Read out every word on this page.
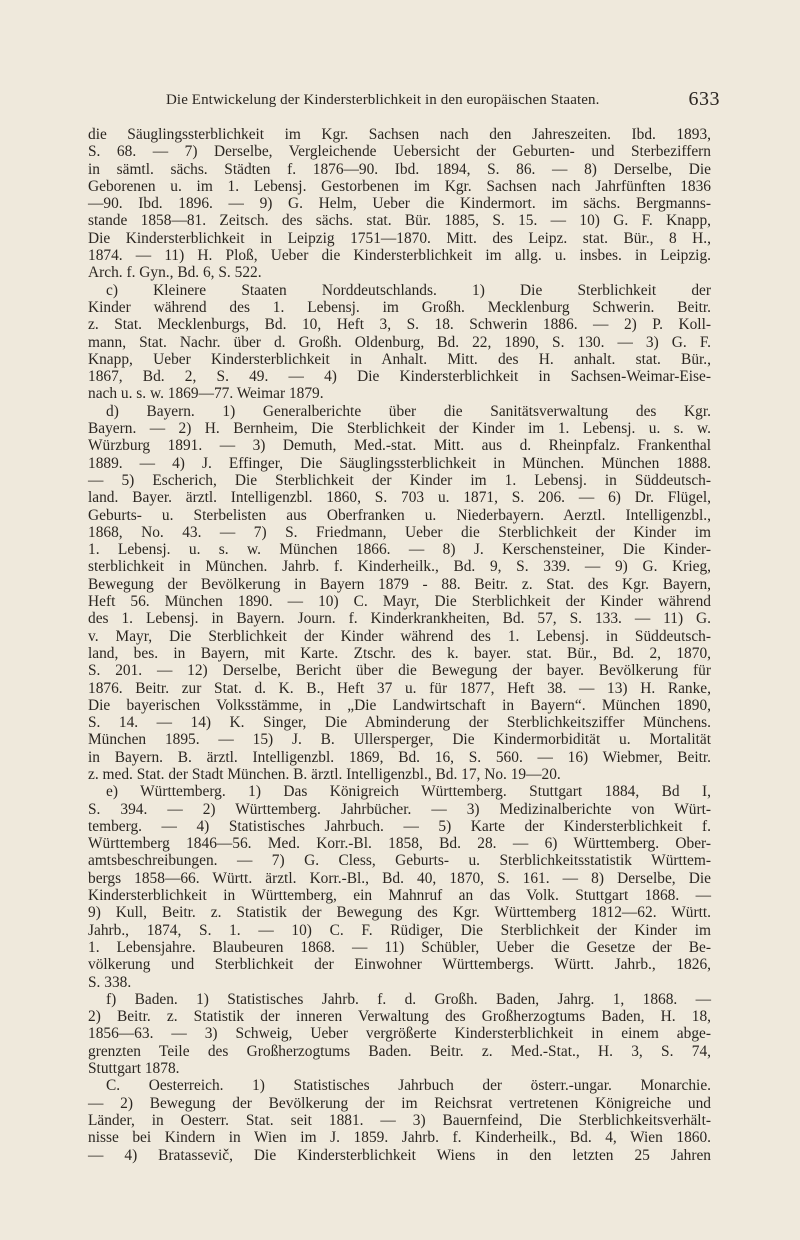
Die Entwickelung der Kindersterblichkeit in den europäischen Staaten.	633
die Säuglingssterblichkeit im Kgr. Sachsen nach den Jahreszeiten. Ibd. 1893,
S. 68. — 7) Derselbe, Vergleichende Uebersicht der Geburten- und Sterbeziffern
in sämtl. sächs. Städten f. 1876—90. Ibd. 1894, S. 86. — 8) Derselbe, Die
Geborenen u. im 1. Lebensj. Gestorbenen im Kgr. Sachsen nach Jahrfünften 1836
—90. Ibd. 1896. — 9) G. Helm, Ueber die Kindermort. im sächs. Bergmanns-
stande 1858—81. Zeitsch. des sächs. stat. Bür. 1885, S. 15. — 10) G. F. Knapp,
Die Kindersterblichkeit in Leipzig 1751—1870. Mitt. des Leipz. stat. Bür., 8 H.,
1874. — 11) H. Ploß, Ueber die Kindersterblichkeit im allg. u. insbes. in Leipzig.
Arch. f. Gyn., Bd. 6, S. 522.
c) Kleinere Staaten Norddeutschlands. 1) Die Sterblichkeit der
Kinder während des 1. Lebensj. im Großh. Mecklenburg Schwerin. Beitr.
z. Stat. Mecklenburgs, Bd. 10, Heft 3, S. 18. Schwerin 1886. — 2) P. Koll-
mann, Stat. Nachr. über d. Großh. Oldenburg, Bd. 22, 1890, S. 130. — 3) G. F.
Knapp, Ueber Kindersterblichkeit in Anhalt. Mitt. des H. anhalt. stat. Bür.,
1867, Bd. 2, S. 49. — 4) Die Kindersterblichkeit in Sachsen-Weimar-Eise-
nach u. s. w. 1869—77. Weimar 1879.
d) Bayern. 1) Generalberichte über die Sanitätsverwaltung des Kgr.
Bayern. — 2) H. Bernheim, Die Sterblichkeit der Kinder im 1. Lebensj. u. s. w.
Würzburg 1891. — 3) Demuth, Med.-stat. Mitt. aus d. Rheinpfalz. Frankenthal
1889. — 4) J. Effinger, Die Säuglingssterblichkeit in München. München 1888.
— 5) Escherich, Die Sterblichkeit der Kinder im 1. Lebensj. in Süddeutsch-
land. Bayer. ärztl. Intelligenzbl. 1860, S. 703 u. 1871, S. 206. — 6) Dr. Flügel,
Geburts- u. Sterbelisten aus Oberfranken u. Niederbayern. Aerztl. Intelligenzbl.,
1868, No. 43. — 7) S. Friedmann, Ueber die Sterblichkeit der Kinder im
1. Lebensj. u. s. w. München 1866. — 8) J. Kerschensteiner, Die Kinder-
sterblichkeit in München. Jahrb. f. Kinderheilk., Bd. 9, S. 339. — 9) G. Krieg,
Bewegung der Bevölkerung in Bayern 1879 - 88. Beitr. z. Stat. des Kgr. Bayern,
Heft 56. München 1890. — 10) C. Mayr, Die Sterblichkeit der Kinder während
des 1. Lebensj. in Bayern. Journ. f. Kinderkrankheiten, Bd. 57, S. 133. — 11) G.
v. Mayr, Die Sterblichkeit der Kinder während des 1. Lebensj. in Süddeutsch-
land, bes. in Bayern, mit Karte. Ztschr. des k. bayer. stat. Bür., Bd. 2, 1870,
S. 201. — 12) Derselbe, Bericht über die Bewegung der bayer. Bevölkerung für
1876. Beitr. zur Stat. d. K. B., Heft 37 u. für 1877, Heft 38. — 13) H. Ranke,
Die bayerischen Volksstämme, in „Die Landwirtschaft in Bayern“. München 1890,
S. 14. — 14) K. Singer, Die Abminderung der Sterblichkeitsziffer Münchens.
München 1895. — 15) J. B. Ullersperger, Die Kindermorbidität u. Mortalität
in Bayern. B. ärztl. Intelligenzbl. 1869, Bd. 16, S. 560. — 16) Wiebmer, Beitr.
z. med. Stat. der Stadt München. B. ärztl. Intelligenzbl., Bd. 17, No. 19—20.
e) Württemberg. 1) Das Königreich Württemberg. Stuttgart 1884, Bd I,
S. 394. — 2) Württemberg. Jahrbücher. — 3) Medizinalberichte von Würt-
temberg. — 4) Statistisches Jahrbuch. — 5) Karte der Kindersterblichkeit f.
Württemberg 1846—56. Med. Korr.-Bl. 1858, Bd. 28. — 6) Württemberg. Ober-
amtsbeschreibungen. — 7) G. Cless, Geburts- u. Sterblichkeitsstatistik Württem-
bergs 1858—66. Württ. ärztl. Korr.-Bl., Bd. 40, 1870, S. 161. — 8) Derselbe, Die
Kindersterblichkeit in Württemberg, ein Mahnruf an das Volk. Stuttgart 1868. —
9) Kull, Beitr. z. Statistik der Bewegung des Kgr. Württemberg 1812—62. Württ.
Jahrb., 1874, S. 1. — 10) C. F. Rüdiger, Die Sterblichkeit der Kinder im
1. Lebensjahre. Blaubeuren 1868. — 11) Schübler, Ueber die Gesetze der Be-
völkerung und Sterblichkeit der Einwohner Württembergs. Württ. Jahrb., 1826,
S. 338.
f) Baden. 1) Statistisches Jahrb. f. d. Großh. Baden, Jahrg. 1, 1868. —
2) Beitr. z. Statistik der inneren Verwaltung des Großherzogtums Baden, H. 18,
1856—63. — 3) Schweig, Ueber vergrößerte Kindersterblichkeit in einem abge-
grenzten Teile des Großherzogtums Baden. Beitr. z. Med.-Stat., H. 3, S. 74,
Stuttgart 1878.
C. Oesterreich. 1) Statistisches Jahrbuch der österr.-ungar. Monarchie.
— 2) Bewegung der Bevölkerung der im Reichsrat vertretenen Königreiche und
Länder, in Oesterr. Stat. seit 1881. — 3) Bauernfeind, Die Sterblichkeitsverhält-
nisse bei Kindern in Wien im J. 1859. Jahrb. f. Kinderheilk., Bd. 4, Wien 1860.
— 4) Bratassevič, Die Kindersterblichkeit Wiens in den letzten 25 Jahren
